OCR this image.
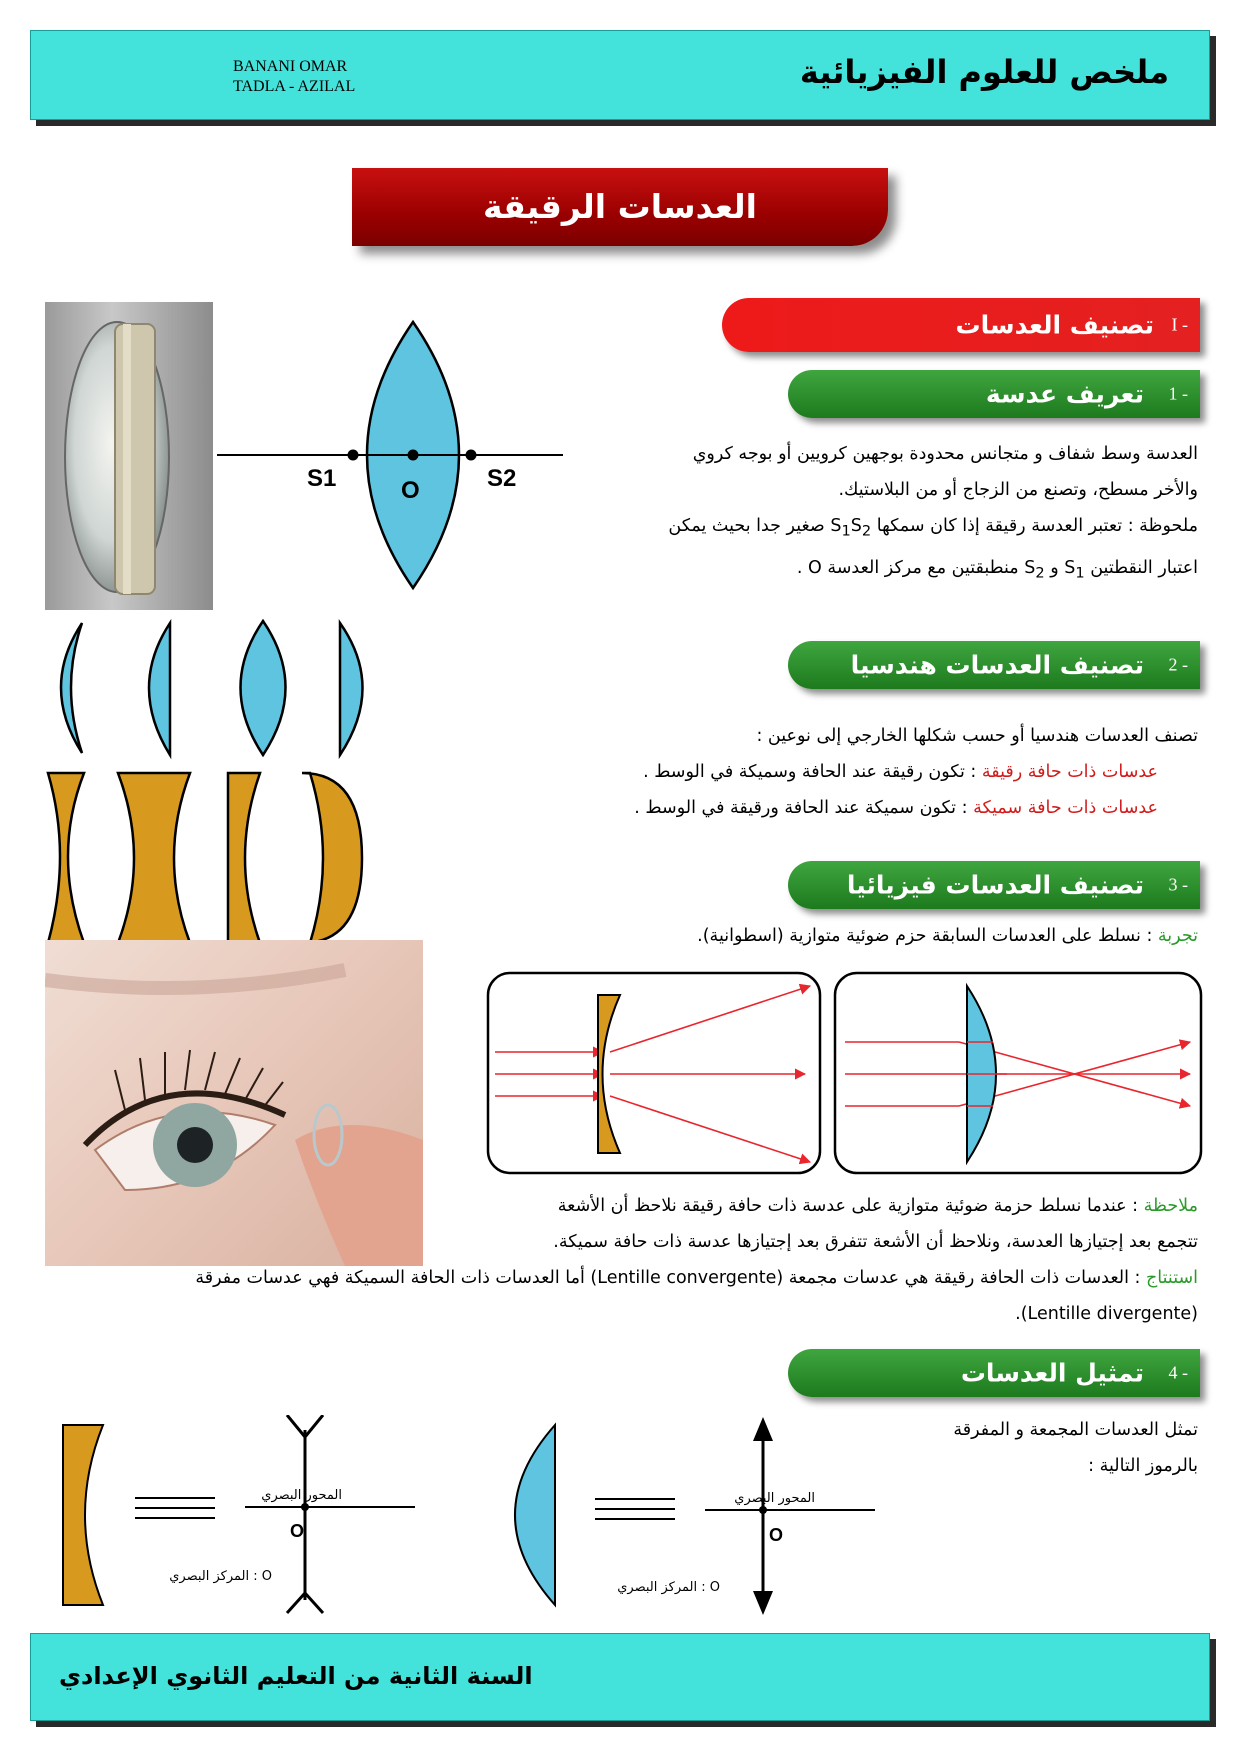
BANANI OMAR
TADLA - AZILAL	ملخص للعلوم الفيزيائية
العدسات الرقيقة
I -
تصنيف العدسات
1 -
تعريف عدسة
العدسة وسط شفاف و متجانس محدودة بوجهين كرويين أو بوجه كروي
والأخر مسطح، وتصنع من الزجاج أو من البلاستيك.
ملحوظة : تعتبر العدسة رقيقة إذا كان سمكها $S_1S_2$ صغير جدا بحيث يمكن
اعتبار النقطتين $S_1$ و $S_2$ منطبقتين مع مركز العدسة O .
S1	O	S2
2 -
تصنيف العدسات هندسيا
تصنف العدسات هندسيا أو حسب شكلها الخارجي إلى نوعين :
عدسات ذات حافة رقيقة : تكون رقيقة عند الحافة وسميكة في الوسط .
عدسات ذات حافة سميكة : تكون سميكة عند الحافة ورقيقة في الوسط .
3 -
تصنيف العدسات فيزيائيا
تجربة : نسلط على العدسات السابقة حزم ضوئية متوازية (اسطوانية).
ملاحظة : عندما نسلط حزمة ضوئية متوازية على عدسة ذات حافة رقيقة نلاحظ أن الأشعة
تتجمع بعد إجتيازها العدسة، ونلاحظ أن الأشعة تتفرق بعد إجتيازها عدسة ذات حافة سميكة.
استنتاج : العدسات ذات الحافة رقيقة هي عدسات مجمعة (Lentille convergente) أما العدسات ذات الحافة السميكة فهي عدسات مفرقة
(Lentille divergente).
4 -
تمثيل العدسات
تمثل العدسات المجمعة و المفرقة
بالرموز التالية :
المحور البصري
O
O : المركز البصري
المحور البصري
O
O : المركز البصري
السنة الثانية من التعليم الثانوي الإعدادي
